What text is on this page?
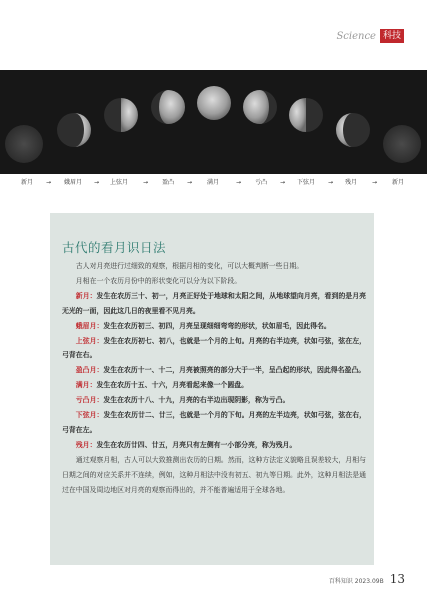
Science 科技
新月 → 娥眉月 → 上弦月 → 盈凸 → 满月	→ 亏凸 → 下弦月 → 残月 → 新月
古代的看月识日法

古人对月亮进行过细致的观察，根据月相的变化，可以大概判断一些日期。

月相在一个农历月份中的形状变化可以分为以下阶段。

新月：发生在农历三十、初一，月亮正好处于地球和太阳之间，从地球望向月亮，看到的是月亮无光的一面，因此这几日的夜里看不见月亮。

蛾眉月：发生在农历初三、初四，月亮呈现细细弯弯的形状，状如眉毛，因此得名。

上弦月：发生在农历初七、初八，也就是一个月的上旬。月亮的右半边亮，状如弓弦，弦在左，弓背在右。

盈凸月：发生在农历十一、十二，月亮被照亮的部分大于一半，呈凸起的形状，因此得名盈凸。

满月：发生在农历十五、十六，月亮看起来像一个圆盘。

亏凸月：发生在农历十八、十九，月亮的右半边出现阴影，称为亏凸。

下弦月：发生在农历廿二、廿三，也就是一个月的下旬。月亮的左半边亮，状如弓弦，弦在右，弓背在左。

残月：发生在农历廿四、廿五，月亮只有左侧有一小部分亮，称为残月。

通过观察月相，古人可以大致推测出农历的日期。然而，这种方法定义貌略且误差较大，月相与日期之间的对应关系并不连续，例如，这种月相法中没有初五、初九等日期。此外，这种月相法是通过在中国及周边地区对月亮的观察而得出的，并不能普遍适用于全球各地。

百科知识 2023.09B 13
